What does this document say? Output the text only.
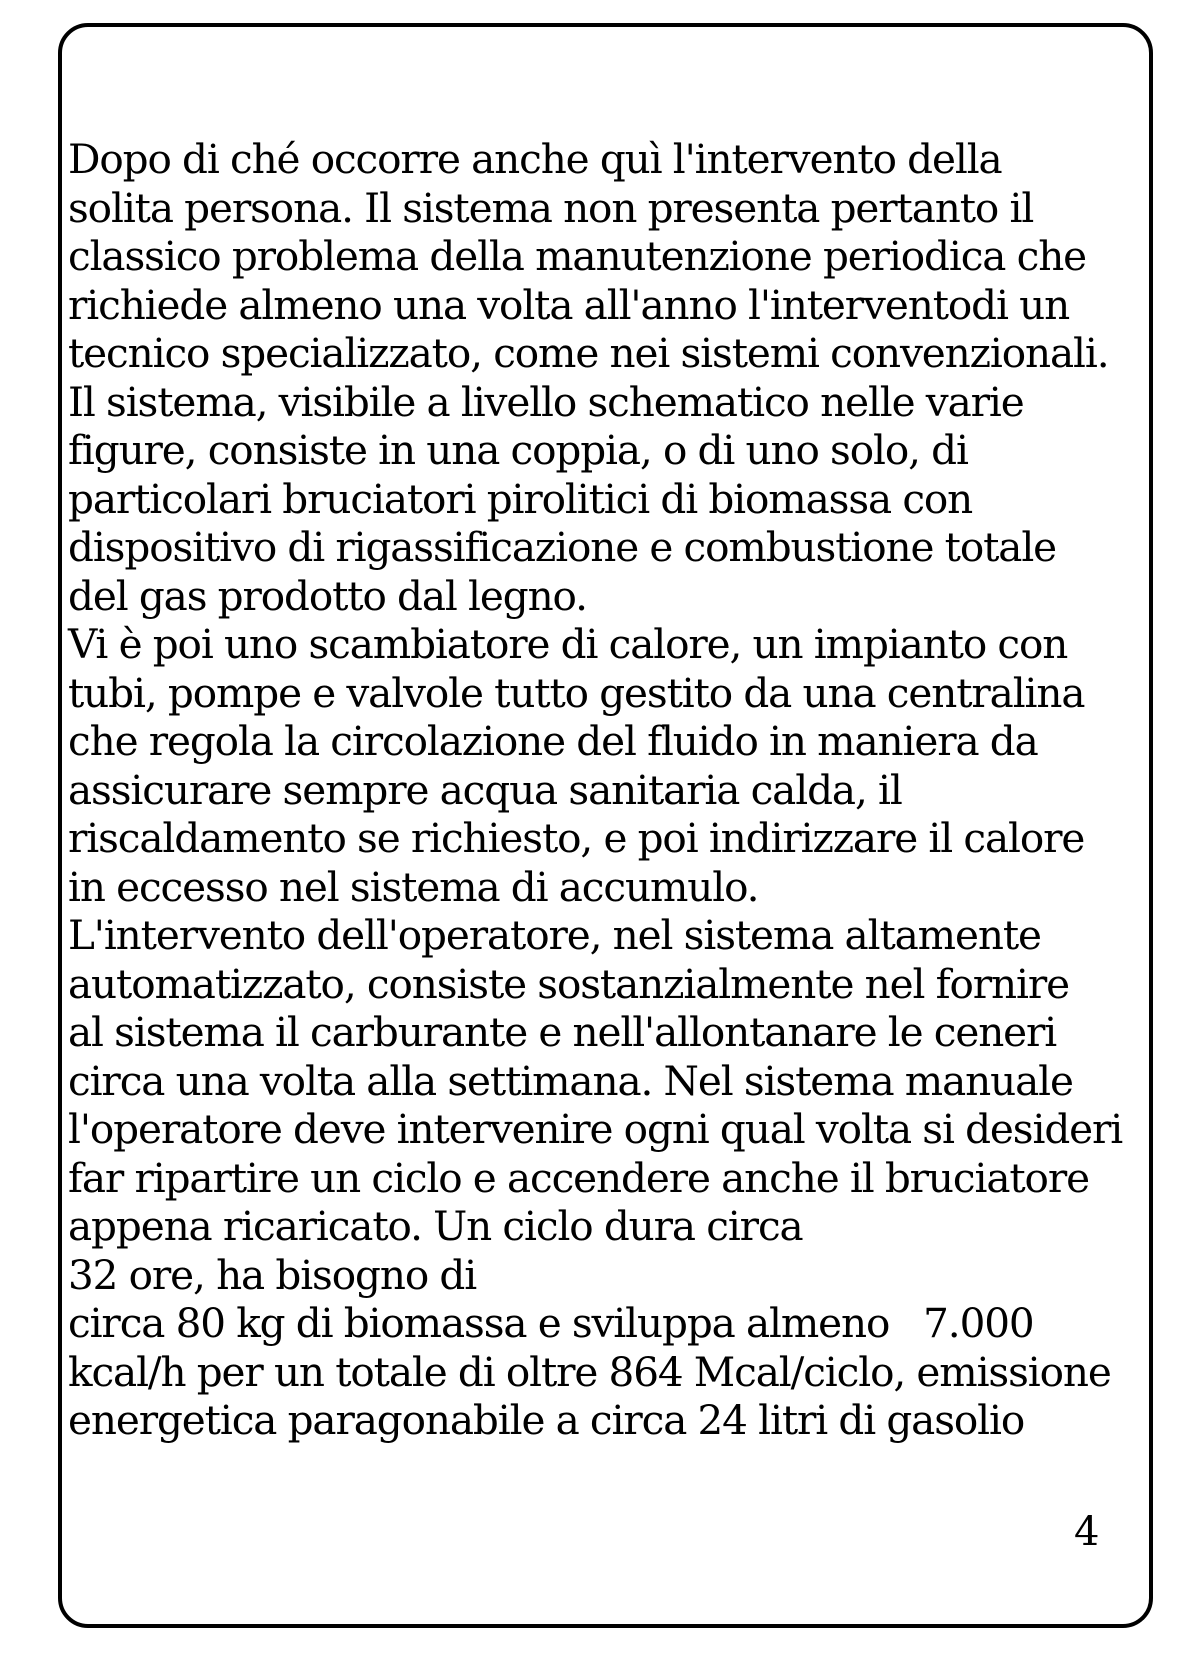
Dopo di ché occorre anche quì l'intervento della
solita persona. Il sistema non presenta pertanto il
classico problema della manutenzione periodica che
richiede almeno una volta all'anno l'interventodi un
tecnico specializzato, come nei sistemi convenzionali.
Il sistema, visibile a livello schematico nelle varie
figure, consiste in una coppia, o di uno solo, di
particolari bruciatori pirolitici di biomassa con
dispositivo di rigassificazione e combustione totale
del gas prodotto dal legno.
Vi è poi uno scambiatore di calore, un impianto con
tubi, pompe e valvole tutto gestito da una centralina
che regola la circolazione del fluido in maniera da
assicurare sempre acqua sanitaria calda, il
riscaldamento se richiesto, e poi indirizzare il calore
in eccesso nel sistema di accumulo.
L'intervento dell'operatore, nel sistema altamente
automatizzato, consiste sostanzialmente nel fornire
al sistema il carburante e nell'allontanare le ceneri
circa una volta alla settimana. Nel sistema manuale
l'operatore deve intervenire ogni qual volta si desideri
far ripartire un ciclo e accendere anche il bruciatore
appena ricaricato. Un ciclo dura circa
32 ore, ha bisogno di
circa 80 kg di biomassa e sviluppa almeno   7.000
kcal/h per un totale di oltre 864 Mcal/ciclo, emissione
energetica paragonabile a circa 24 litri di gasolio
4
